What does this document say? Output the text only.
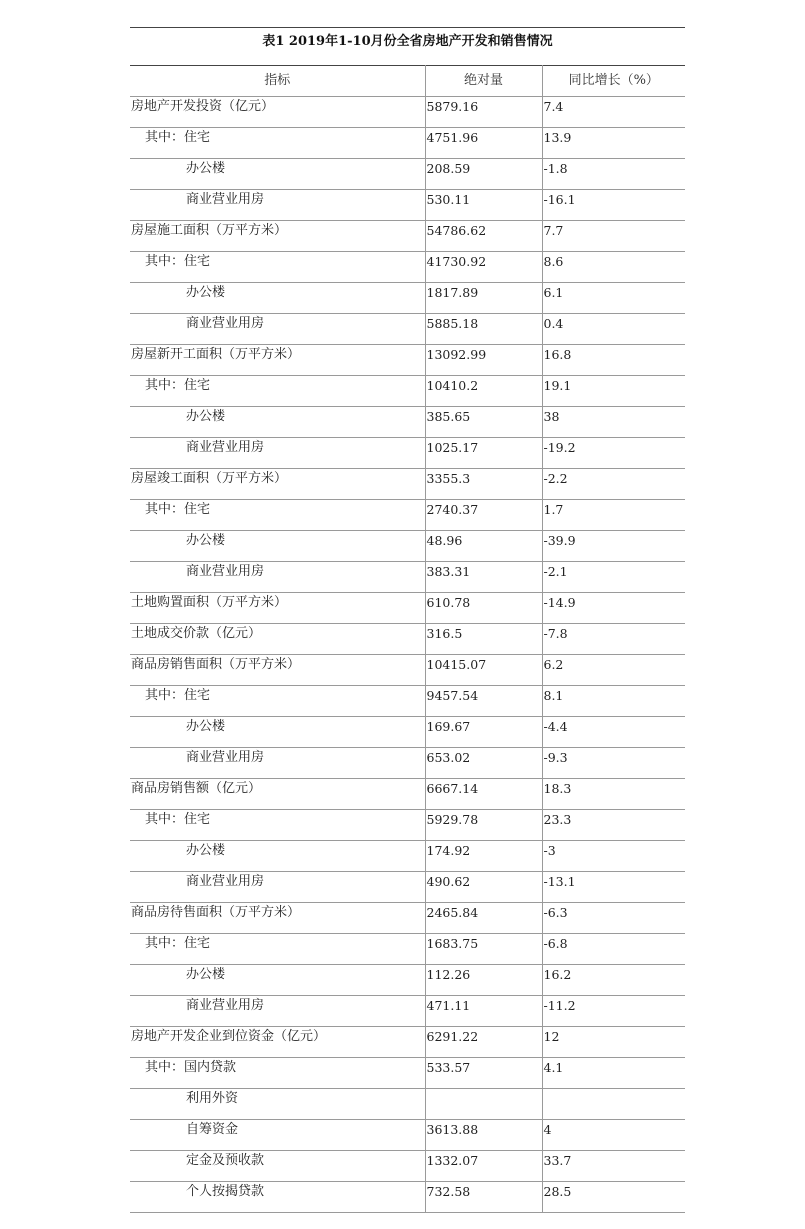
表1 2019年1-10月份全省房地产开发和销售情况
指标	绝对量	同比增长（%）
房地产开发投资（亿元）	5879.16	7.4
其中：住宅	4751.96	13.9
办公楼	208.59	-1.8
商业营业用房	530.11	-16.1
房屋施工面积（万平方米）	54786.62	7.7
其中：住宅	41730.92	8.6
办公楼	1817.89	6.1
商业营业用房	5885.18	0.4
房屋新开工面积（万平方米）	13092.99	16.8
其中：住宅	10410.2	19.1
办公楼	385.65	38
商业营业用房	1025.17	-19.2
房屋竣工面积（万平方米）	3355.3	-2.2
其中：住宅	2740.37	1.7
办公楼	48.96	-39.9
商业营业用房	383.31	-2.1
土地购置面积（万平方米）	610.78	-14.9
土地成交价款（亿元）	316.5	-7.8
商品房销售面积（万平方米）	10415.07	6.2
其中：住宅	9457.54	8.1
办公楼	169.67	-4.4
商业营业用房	653.02	-9.3
商品房销售额（亿元）	6667.14	18.3
其中：住宅	5929.78	23.3
办公楼	174.92	-3
商业营业用房	490.62	-13.1
商品房待售面积（万平方米）	2465.84	-6.3
其中：住宅	1683.75	-6.8
办公楼	112.26	16.2
商业营业用房	471.11	-11.2
房地产开发企业到位资金（亿元）	6291.22	12
其中：国内贷款	533.57	4.1
利用外资		
自筹资金	3613.88	4
定金及预收款	1332.07	33.7
个人按揭贷款	732.58	28.5
